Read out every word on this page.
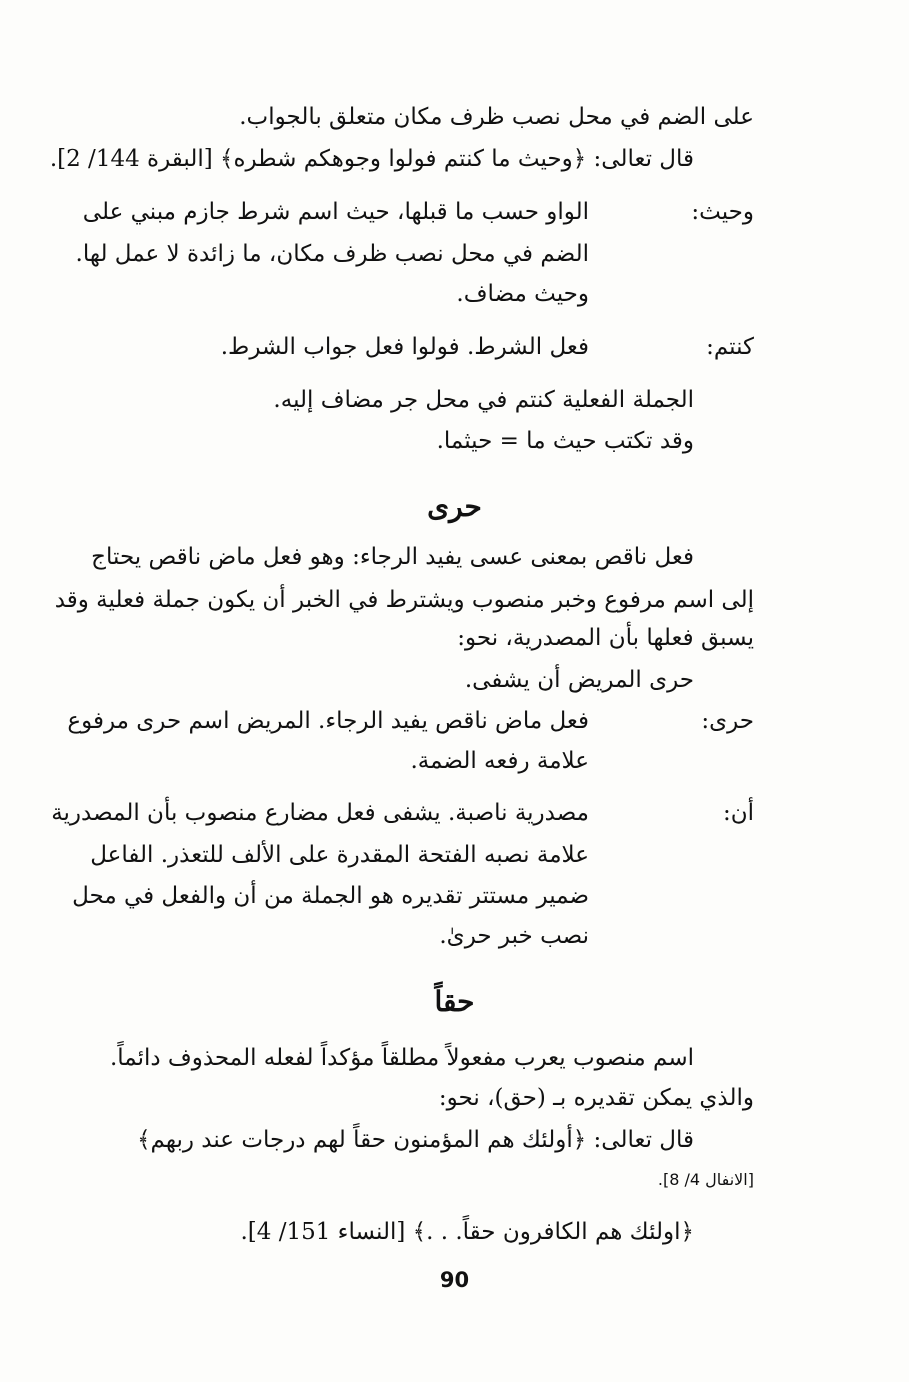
على الضم في محل نصب ظرف مكان متعلق بالجواب.
قال تعالى: ﴿وحيث ما كنتم فولوا وجوهكم شطره﴾ [البقرة 144/ 2].
وحيث:
الواو حسب ما قبلها، حيث اسم شرط جازم مبني على
الضم في محل نصب ظرف مكان، ما زائدة لا عمل لها.
وحيث مضاف.
كنتم:
فعل الشرط. فولوا فعل جواب الشرط.
الجملة الفعلية كنتم في محل جر مضاف إليه.
وقد تكتب حيث ما = حيثما.
حرى
فعل ناقص بمعنى عسى يفيد الرجاء: وهو فعل ماض ناقص يحتاج
إلى اسم مرفوع وخبر منصوب ويشترط في الخبر أن يكون جملة فعلية وقد
يسبق فعلها بأن المصدرية، نحو:
حرى المريض أن يشفى.
حرى:
فعل ماض ناقص يفيد الرجاء. المريض اسم حرى مرفوع
علامة رفعه الضمة.
أن:
مصدرية ناصبة. يشفى فعل مضارع منصوب بأن المصدرية
علامة نصبه الفتحة المقدرة على الألف للتعذر. الفاعل
ضمير مستتر تقديره هو الجملة من أن والفعل في محل
نصب خبر حرىٰ.
حقاً
اسم منصوب يعرب مفعولاً مطلقاً مؤكداً لفعله المحذوف دائماً.
والذي يمكن تقديره بـ (حق)، نحو:
قال تعالى: ﴿أولئك هم المؤمنون حقاً لهم درجات عند ربهم﴾
[الانفال 4/ 8].
﴿اولئك هم الكافرون حقاً. . .﴾ [النساء 151/ 4].
90
